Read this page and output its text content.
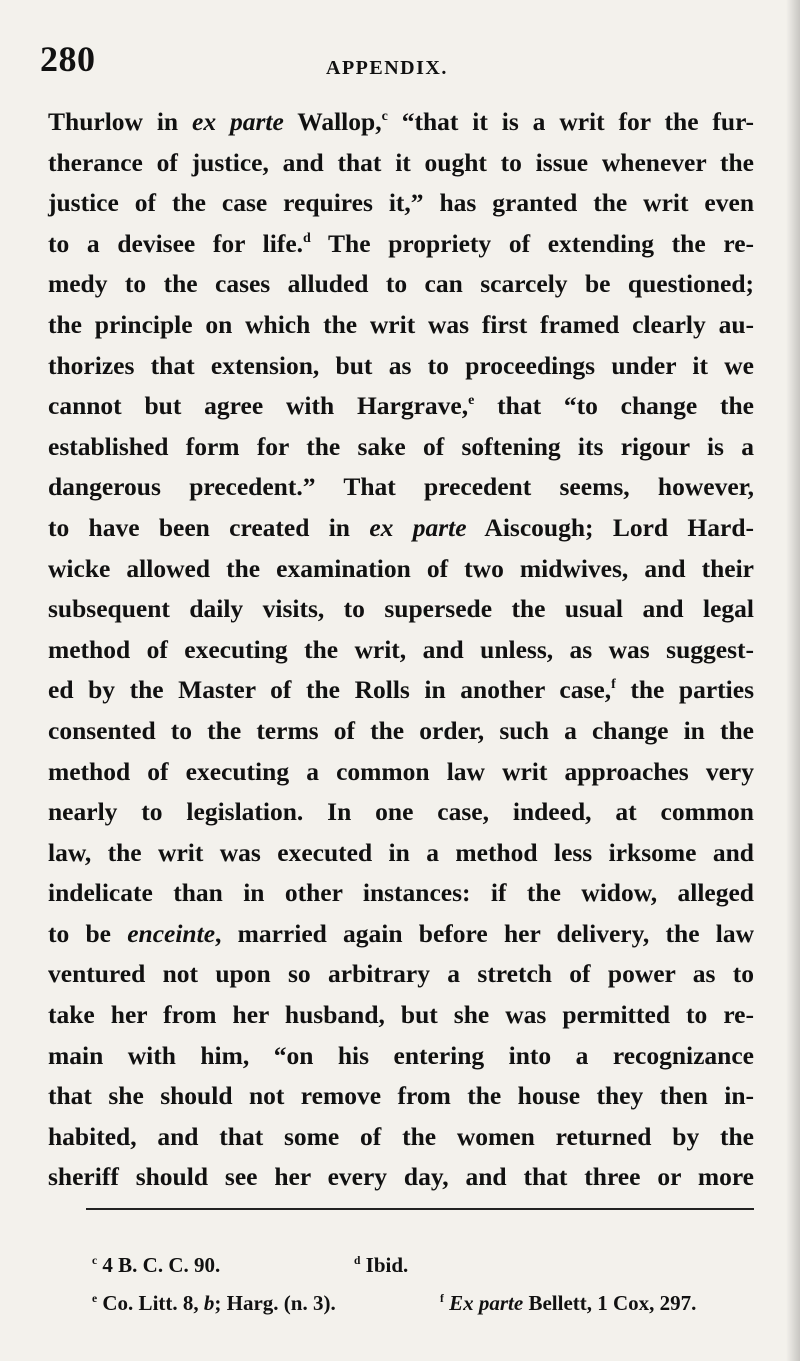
280	APPENDIX.
Thurlow in ex parte Wallop,$^c$ “that it is a writ for the fur-
therance of justice, and that it ought to issue whenever the
justice of the case requires it,” has granted the writ even
to a devisee for life.$^d$ The propriety of extending the re-
medy to the cases alluded to can scarcely be questioned;
the principle on which the writ was first framed clearly au-
thorizes that extension, but as to proceedings under it we
cannot but agree with Hargrave,$^e$ that “to change the
established form for the sake of softening its rigour is a
dangerous precedent.” That precedent seems, however,
to have been created in ex parte Aiscough; Lord Hard-
wicke allowed the examination of two midwives, and their
subsequent daily visits, to supersede the usual and legal
method of executing the writ, and unless, as was suggest-
ed by the Master of the Rolls in another case,$^f$ the parties
consented to the terms of the order, such a change in the
method of executing a common law writ approaches very
nearly to legislation. In one case, indeed, at common
law, the writ was executed in a method less irksome and
indelicate than in other instances: if the widow, alleged
to be enceinte, married again before her delivery, the law
ventured not upon so arbitrary a stretch of power as to
take her from her husband, but she was permitted to re-
main with him, “on his entering into a recognizance
that she should not remove from the house they then in-
habited, and that some of the women returned by the
sheriff should see her every day, and that three or more
$^c$ 4 B. C. C. 90.	$^d$ Ibid.
$^e$ Co. Litt. 8, b; Harg. (n. 3).	$^f$ Ex parte Bellett, 1 Cox, 297.
